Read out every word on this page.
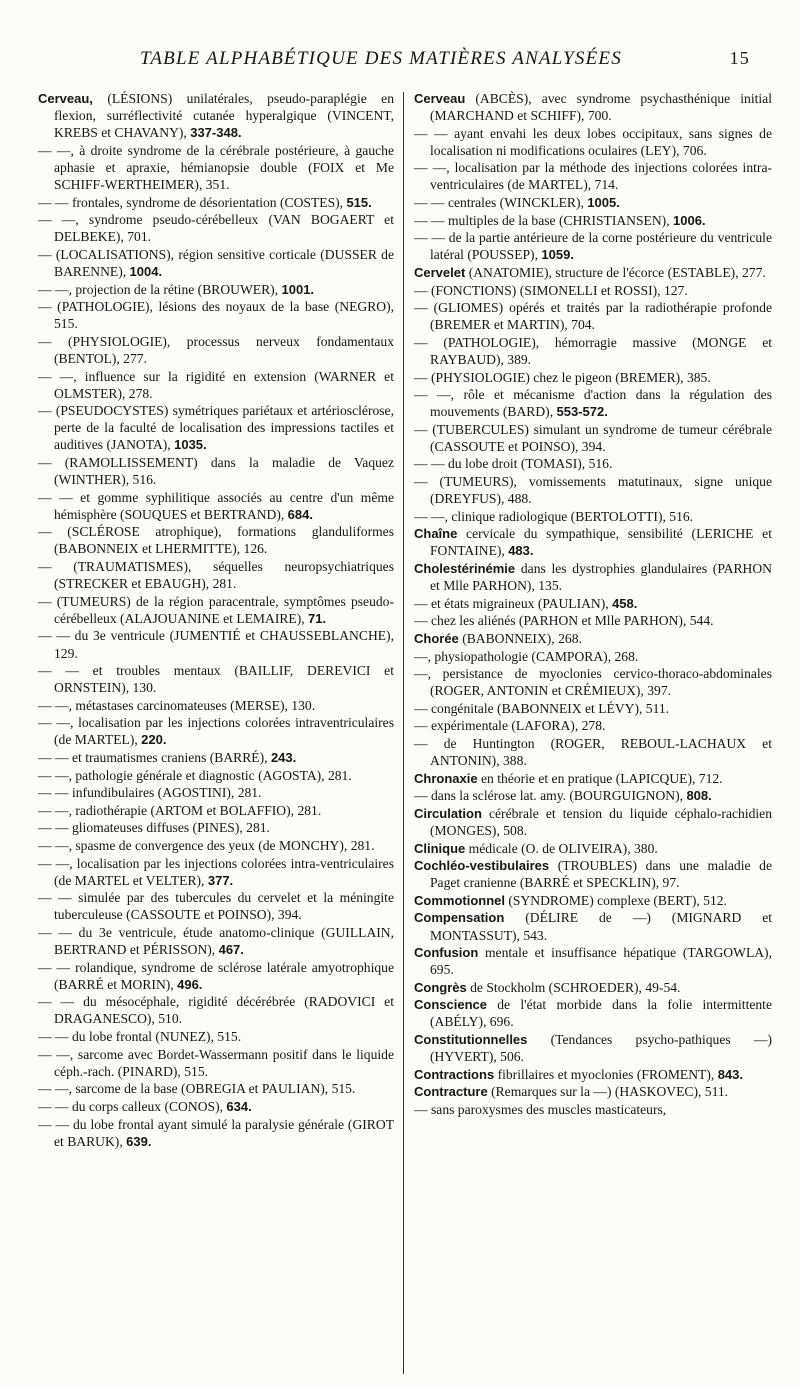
TABLE ALPHABÉTIQUE DES MATIÈRES ANALYSÉES	15
Cerveau, (LÉSIONS) unilatérales, pseudo-paraplégie en flexion, surréflectivité cutanée hyperalgique (VINCENT, KREBS et CHAVANY), 337-348.
— —, à droite syndrome de la cérébrale postérieure, à gauche aphasie et apraxie, hémianopsie double (FOIX et Me SCHIFF-WERTHEIMER), 351.
— — frontales, syndrome de désorientation (COSTES), 515.
— —, syndrome pseudo-cérébelleux (VAN BOGAERT et DELBEKE), 701.
— (LOCALISATIONS), région sensitive corticale (DUSSER de BARENNE), 1004.
— —, projection de la rétine (BROUWER), 1001.
— (PATHOLOGIE), lésions des noyaux de la base (NEGRO), 515.
— (PHYSIOLOGIE), processus nerveux fondamentaux (BENTOL), 277.
— —, influence sur la rigidité en extension (WARNER et OLMSTER), 278.
— (PSEUDOCYSTES) symétriques pariétaux et artériosclérose, perte de la faculté de localisation des impressions tactiles et auditives (JANOTA), 1035.
— (RAMOLLISSEMENT) dans la maladie de Vaquez (WINTHER), 516.
— — et gomme syphilitique associés au centre d'un même hémisphère (SOUQUES et BERTRAND), 684.
— (SCLÉROSE atrophique), formations glanduliformes (BABONNEIX et LHERMITTE), 126.
— (TRAUMATISMES), séquelles neuropsychiatriques (STRECKER et EBAUGH), 281.
— (TUMEURS) de la région paracentrale, symptômes pseudo-cérébelleux (ALAJOUANINE et LEMAIRE), 71.
— — du 3e ventricule (JUMENTIÉ et CHAUSSEBLANCHE), 129.
— — et troubles mentaux (BAILLIF, DEREVICI et ORNSTEIN), 130.
— —, métastases carcinomateuses (MERSE), 130.
— —, localisation par les injections colorées intraventriculaires (de MARTEL), 220.
— — et traumatismes craniens (BARRÉ), 243.
— —, pathologie générale et diagnostic (AGOSTA), 281.
— — infundibulaires (AGOSTINI), 281.
— —, radiothérapie (ARTOM et BOLAFFIO), 281.
— — gliomateuses diffuses (PINES), 281.
— —, spasme de convergence des yeux (de MONCHY), 281.
— —, localisation par les injections colorées intra-ventriculaires (de MARTEL et VELTER), 377.
— — simulée par des tubercules du cervelet et la méningite tuberculeuse (CASSOUTE et POINSO), 394.
— — du 3e ventricule, étude anatomo-clinique (GUILLAIN, BERTRAND et PÉRISSON), 467.
— — rolandique, syndrome de sclérose latérale amyotrophique (BARRÉ et MORIN), 496.
— — du mésocéphale, rigidité décérébrée (RADOVICI et DRAGANESCO), 510.
— — du lobe frontal (NUNEZ), 515.
— —, sarcome avec Bordet-Wassermann positif dans le liquide céph.-rach. (PINARD), 515.
— —, sarcome de la base (OBREGIA et PAULIAN), 515.
— — du corps calleux (CONOS), 634.
— — du lobe frontal ayant simulé la paralysie générale (GIROT et BARUK), 639.
Cerveau (ABCÈS), avec syndrome psychasthénique initial (MARCHAND et SCHIFF), 700.
— — ayant envahi les deux lobes occipitaux, sans signes de localisation ni modifications oculaires (LEY), 706.
— —, localisation par la méthode des injections colorées intra-ventriculaires (de MARTEL), 714.
— — centrales (WINCKLER), 1005.
— — multiples de la base (CHRISTIANSEN), 1006.
— — de la partie antérieure de la corne postérieure du ventricule latéral (POUSSEP), 1059.
Cervelet (ANATOMIE), structure de l'écorce (ESTABLE), 277.
— (FONCTIONS) (SIMONELLI et ROSSI), 127.
— (GLIOMES) opérés et traités par la radiothérapie profonde (BREMER et MARTIN), 704.
— (PATHOLOGIE), hémorragie massive (MONGE et RAYBAUD), 389.
— (PHYSIOLOGIE) chez le pigeon (BREMER), 385.
— —, rôle et mécanisme d'action dans la régulation des mouvements (BARD), 553-572.
— (TUBERCULES) simulant un syndrome de tumeur cérébrale (CASSOUTE et POINSO), 394.
— — du lobe droit (TOMASI), 516.
— (TUMEURS), vomissements matutinaux, signe unique (DREYFUS), 488.
— —, clinique radiologique (BERTOLOTTI), 516.
Chaîne cervicale du sympathique, sensibilité (LERICHE et FONTAINE), 483.
Cholestérinémie dans les dystrophies glandulaires (PARHON et Mlle PARHON), 135.
— et états migraineux (PAULIAN), 458.
— chez les aliénés (PARHON et Mlle PARHON), 544.
Chorée (BABONNEIX), 268.
—, physiopathologie (CAMPORA), 268.
—, persistance de myoclonies cervico-thoraco-abdominales (ROGER, ANTONIN et CRÉMIEUX), 397.
— congénitale (BABONNEIX et LÉVY), 511.
— expérimentale (LAFORA), 278.
— de Huntington (ROGER, REBOUL-LACHAUX et ANTONIN), 388.
Chronaxie en théorie et en pratique (LAPICQUE), 712.
— dans la sclérose lat. amy. (BOURGUIGNON), 808.
Circulation cérébrale et tension du liquide céphalo-rachidien (MONGES), 508.
Clinique médicale (O. de OLIVEIRA), 380.
Cochléo-vestibulaires (TROUBLES) dans une maladie de Paget cranienne (BARRÉ et SPECKLIN), 97.
Commotionnel (SYNDROME) complexe (BERT), 512.
Compensation (DÉLIRE de —) (MIGNARD et MONTASSUT), 543.
Confusion mentale et insuffisance hépatique (TARGOWLA), 695.
Congrès de Stockholm (SCHROEDER), 49-54.
Conscience de l'état morbide dans la folie intermittente (ABÉLY), 696.
Constitutionnelles (Tendances psycho-pathiques —) (HYVERT), 506.
Contractions fibrillaires et myoclonies (FROMENT), 843.
Contracture (Remarques sur la —) (HASKOVEC), 511.
— sans paroxysmes des muscles masticateurs,
